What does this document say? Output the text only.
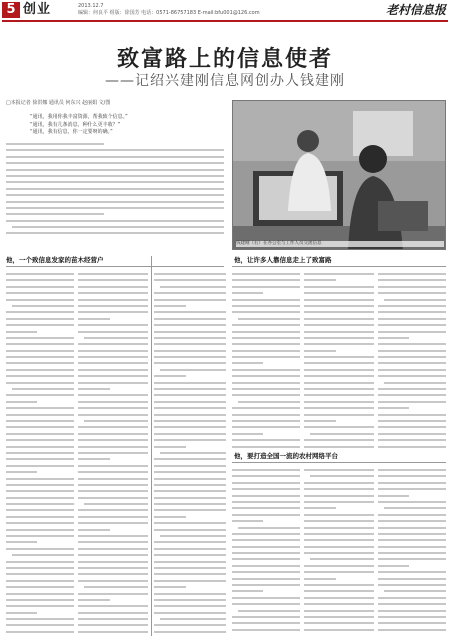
5 创业	2013.12.7
编辑：何良平 组版：徐国芳 电话：0571-86757183 E-mail:bfu001@126.com	老村信息报
致富路上的信息使者
——记绍兴建刚信息网创办人钱建刚
□本报记者 徐洪娜 通讯员 何东兴 赵丽娟 文/图
“通讯，我用你我丰富资源，帮我致个信息。”
“通讯，我有几条消息，种什么更丰收？”
“通讯，我有信息，你一定要呀的确。”
钱建刚（右）在办公室与工作人员交流信息
他，一个致信息发家的苗木经营户	他，让许多人靠信息走上了致富路
他，要打造全国一流的农村网络平台
